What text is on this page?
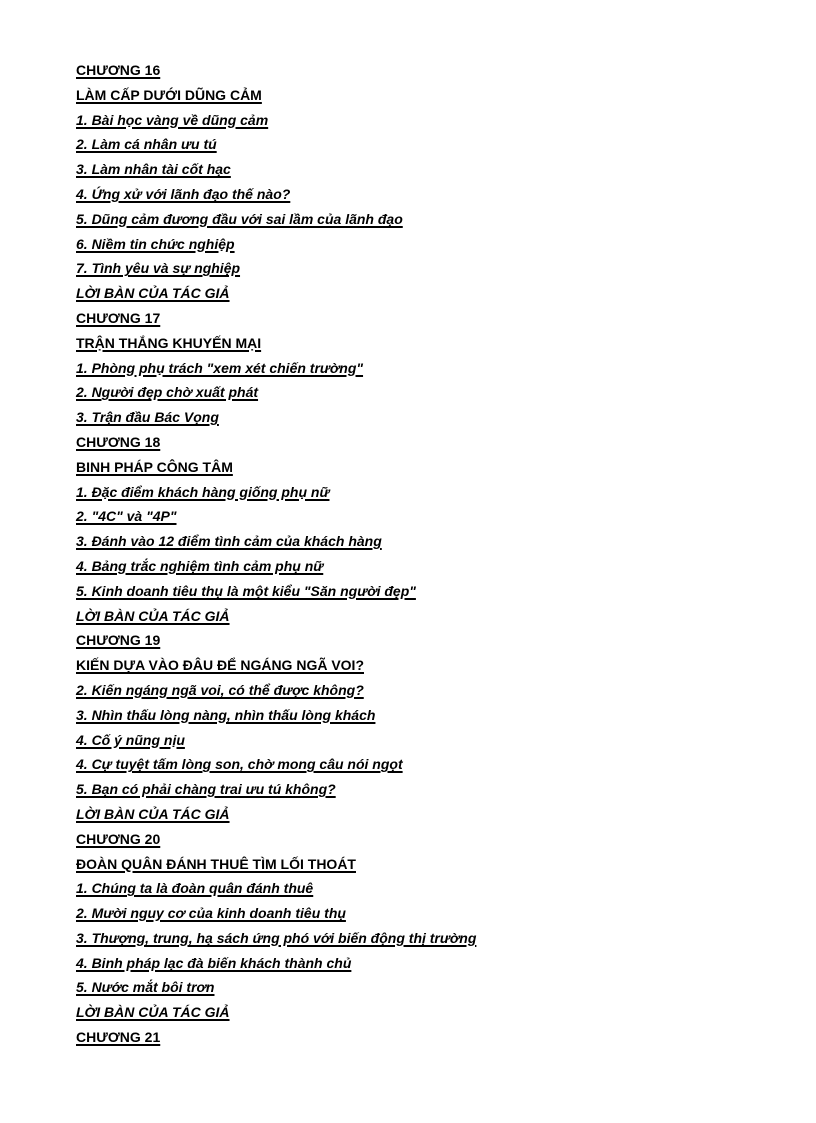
CHƯƠNG 16
LÀM CẤP DƯỚI DŨNG CẢM
1. Bài học vàng về dũng cảm
2. Làm cá nhân ưu tú
3. Làm nhân tài cốt hạc
4. Ứng xử với lãnh đạo thế nào?
5. Dũng cảm đương đầu với sai lầm của lãnh đạo
6. Niềm tin chức nghiệp
7. Tình yêu và sự nghiệp
LỜI BÀN CỦA TÁC GIẢ
CHƯƠNG 17
TRẬN THẮNG KHUYẾN MẠI
1. Phòng phụ trách "xem xét chiến trường"
2. Người đẹp chờ xuất phát
3. Trận đầu Bác Vọng
CHƯƠNG 18
BINH PHÁP CÔNG TÂM
1. Đặc điểm khách hàng giống phụ nữ
2. "4C" và "4P"
3. Đánh vào 12 điểm tình cảm của khách hàng
4. Bảng trắc nghiệm tình cảm phụ nữ
5. Kinh doanh tiêu thụ là một kiểu "Săn người đẹp"
LỜI BÀN CỦA TÁC GIẢ
CHƯƠNG 19
KIẾN DỰA VÀO ĐÂU ĐỂ NGÁNG NGÃ VOI?
2. Kiến ngáng ngã voi, có thể được không?
3. Nhìn thấu lòng nàng, nhìn thấu lòng khách
4. Cố ý nũng nịu
4. Cự tuyệt tấm lòng son, chờ mong câu nói ngọt
5. Bạn có phải chàng trai ưu tú không?
LỜI BÀN CỦA TÁC GIẢ
CHƯƠNG 20
ĐOÀN QUÂN ĐÁNH THUÊ TÌM LỐI THOÁT
1. Chúng ta là đoàn quân đánh thuê
2. Mười nguy cơ của kinh doanh tiêu thụ
3. Thượng, trung, hạ sách ứng phó với biến động thị trường
4. Binh pháp lạc đà biến khách thành chủ
5. Nước mắt bôi trơn
LỜI BÀN CỦA TÁC GIẢ
CHƯƠNG 21
